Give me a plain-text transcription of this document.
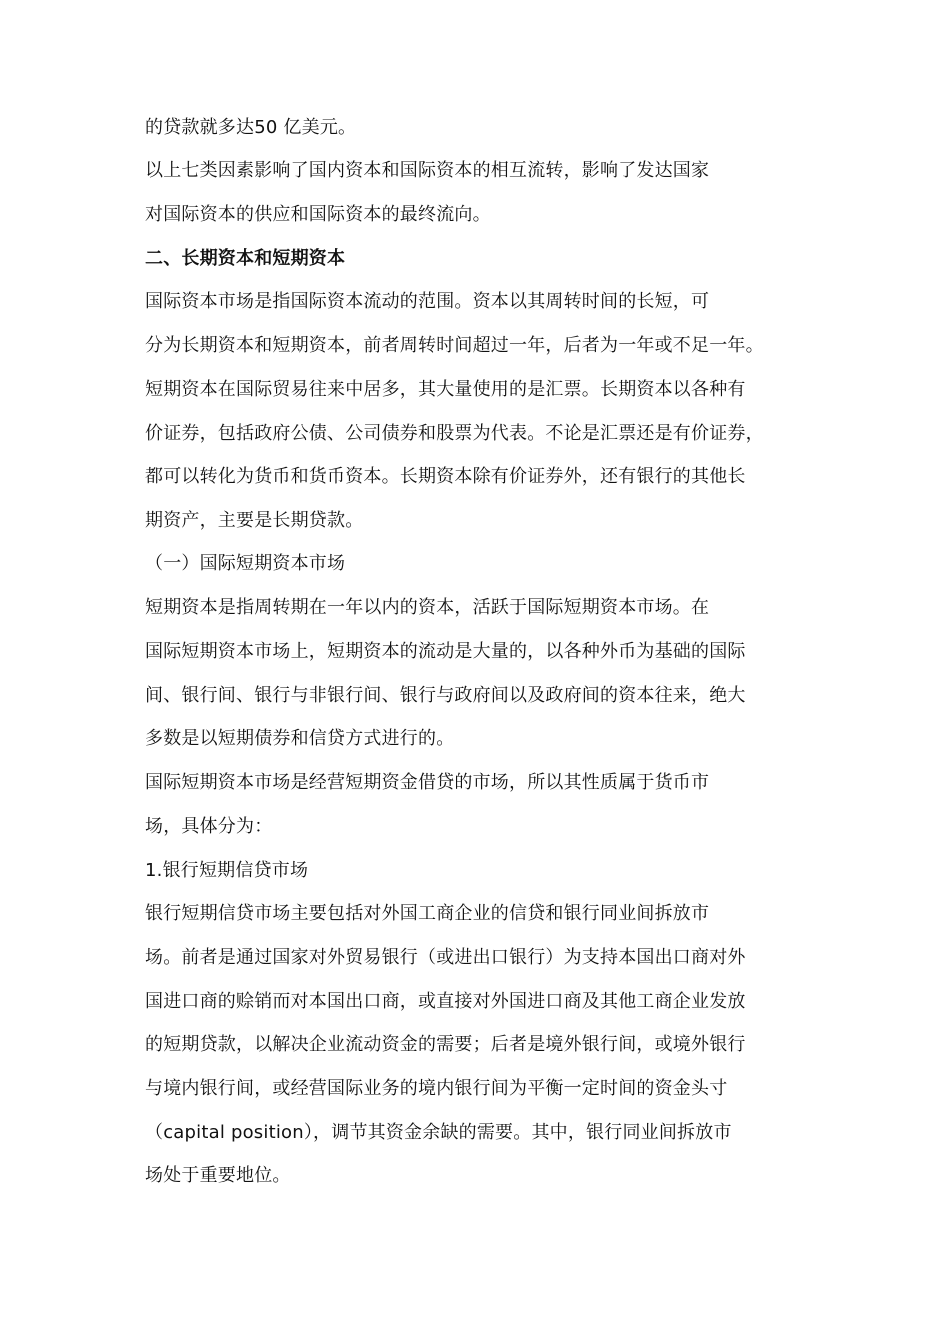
的贷款就多达50 亿美元。
以上七类因素影响了国内资本和国际资本的相互流转，影响了发达国家
对国际资本的供应和国际资本的最终流向。
二、长期资本和短期资本
国际资本市场是指国际资本流动的范围。资本以其周转时间的长短，可
分为长期资本和短期资本，前者周转时间超过一年，后者为一年或不足一年。
短期资本在国际贸易往来中居多，其大量使用的是汇票。长期资本以各种有
价证券，包括政府公债、公司债券和股票为代表。不论是汇票还是有价证券，
都可以转化为货币和货币资本。长期资本除有价证券外，还有银行的其他长
期资产，主要是长期贷款。
（一）国际短期资本市场
短期资本是指周转期在一年以内的资本，活跃于国际短期资本市场。在
国际短期资本市场上，短期资本的流动是大量的，以各种外币为基础的国际
间、银行间、银行与非银行间、银行与政府间以及政府间的资本往来，绝大
多数是以短期债券和信贷方式进行的。
国际短期资本市场是经营短期资金借贷的市场，所以其性质属于货币市
场，具体分为：
1.银行短期信贷市场
银行短期信贷市场主要包括对外国工商企业的信贷和银行同业间拆放市
场。前者是通过国家对外贸易银行（或进出口银行）为支持本国出口商对外
国进口商的赊销而对本国出口商，或直接对外国进口商及其他工商企业发放
的短期贷款，以解决企业流动资金的需要；后者是境外银行间，或境外银行
与境内银行间，或经营国际业务的境内银行间为平衡一定时间的资金头寸
（capital position），调节其资金余缺的需要。其中，银行同业间拆放市
场处于重要地位。
